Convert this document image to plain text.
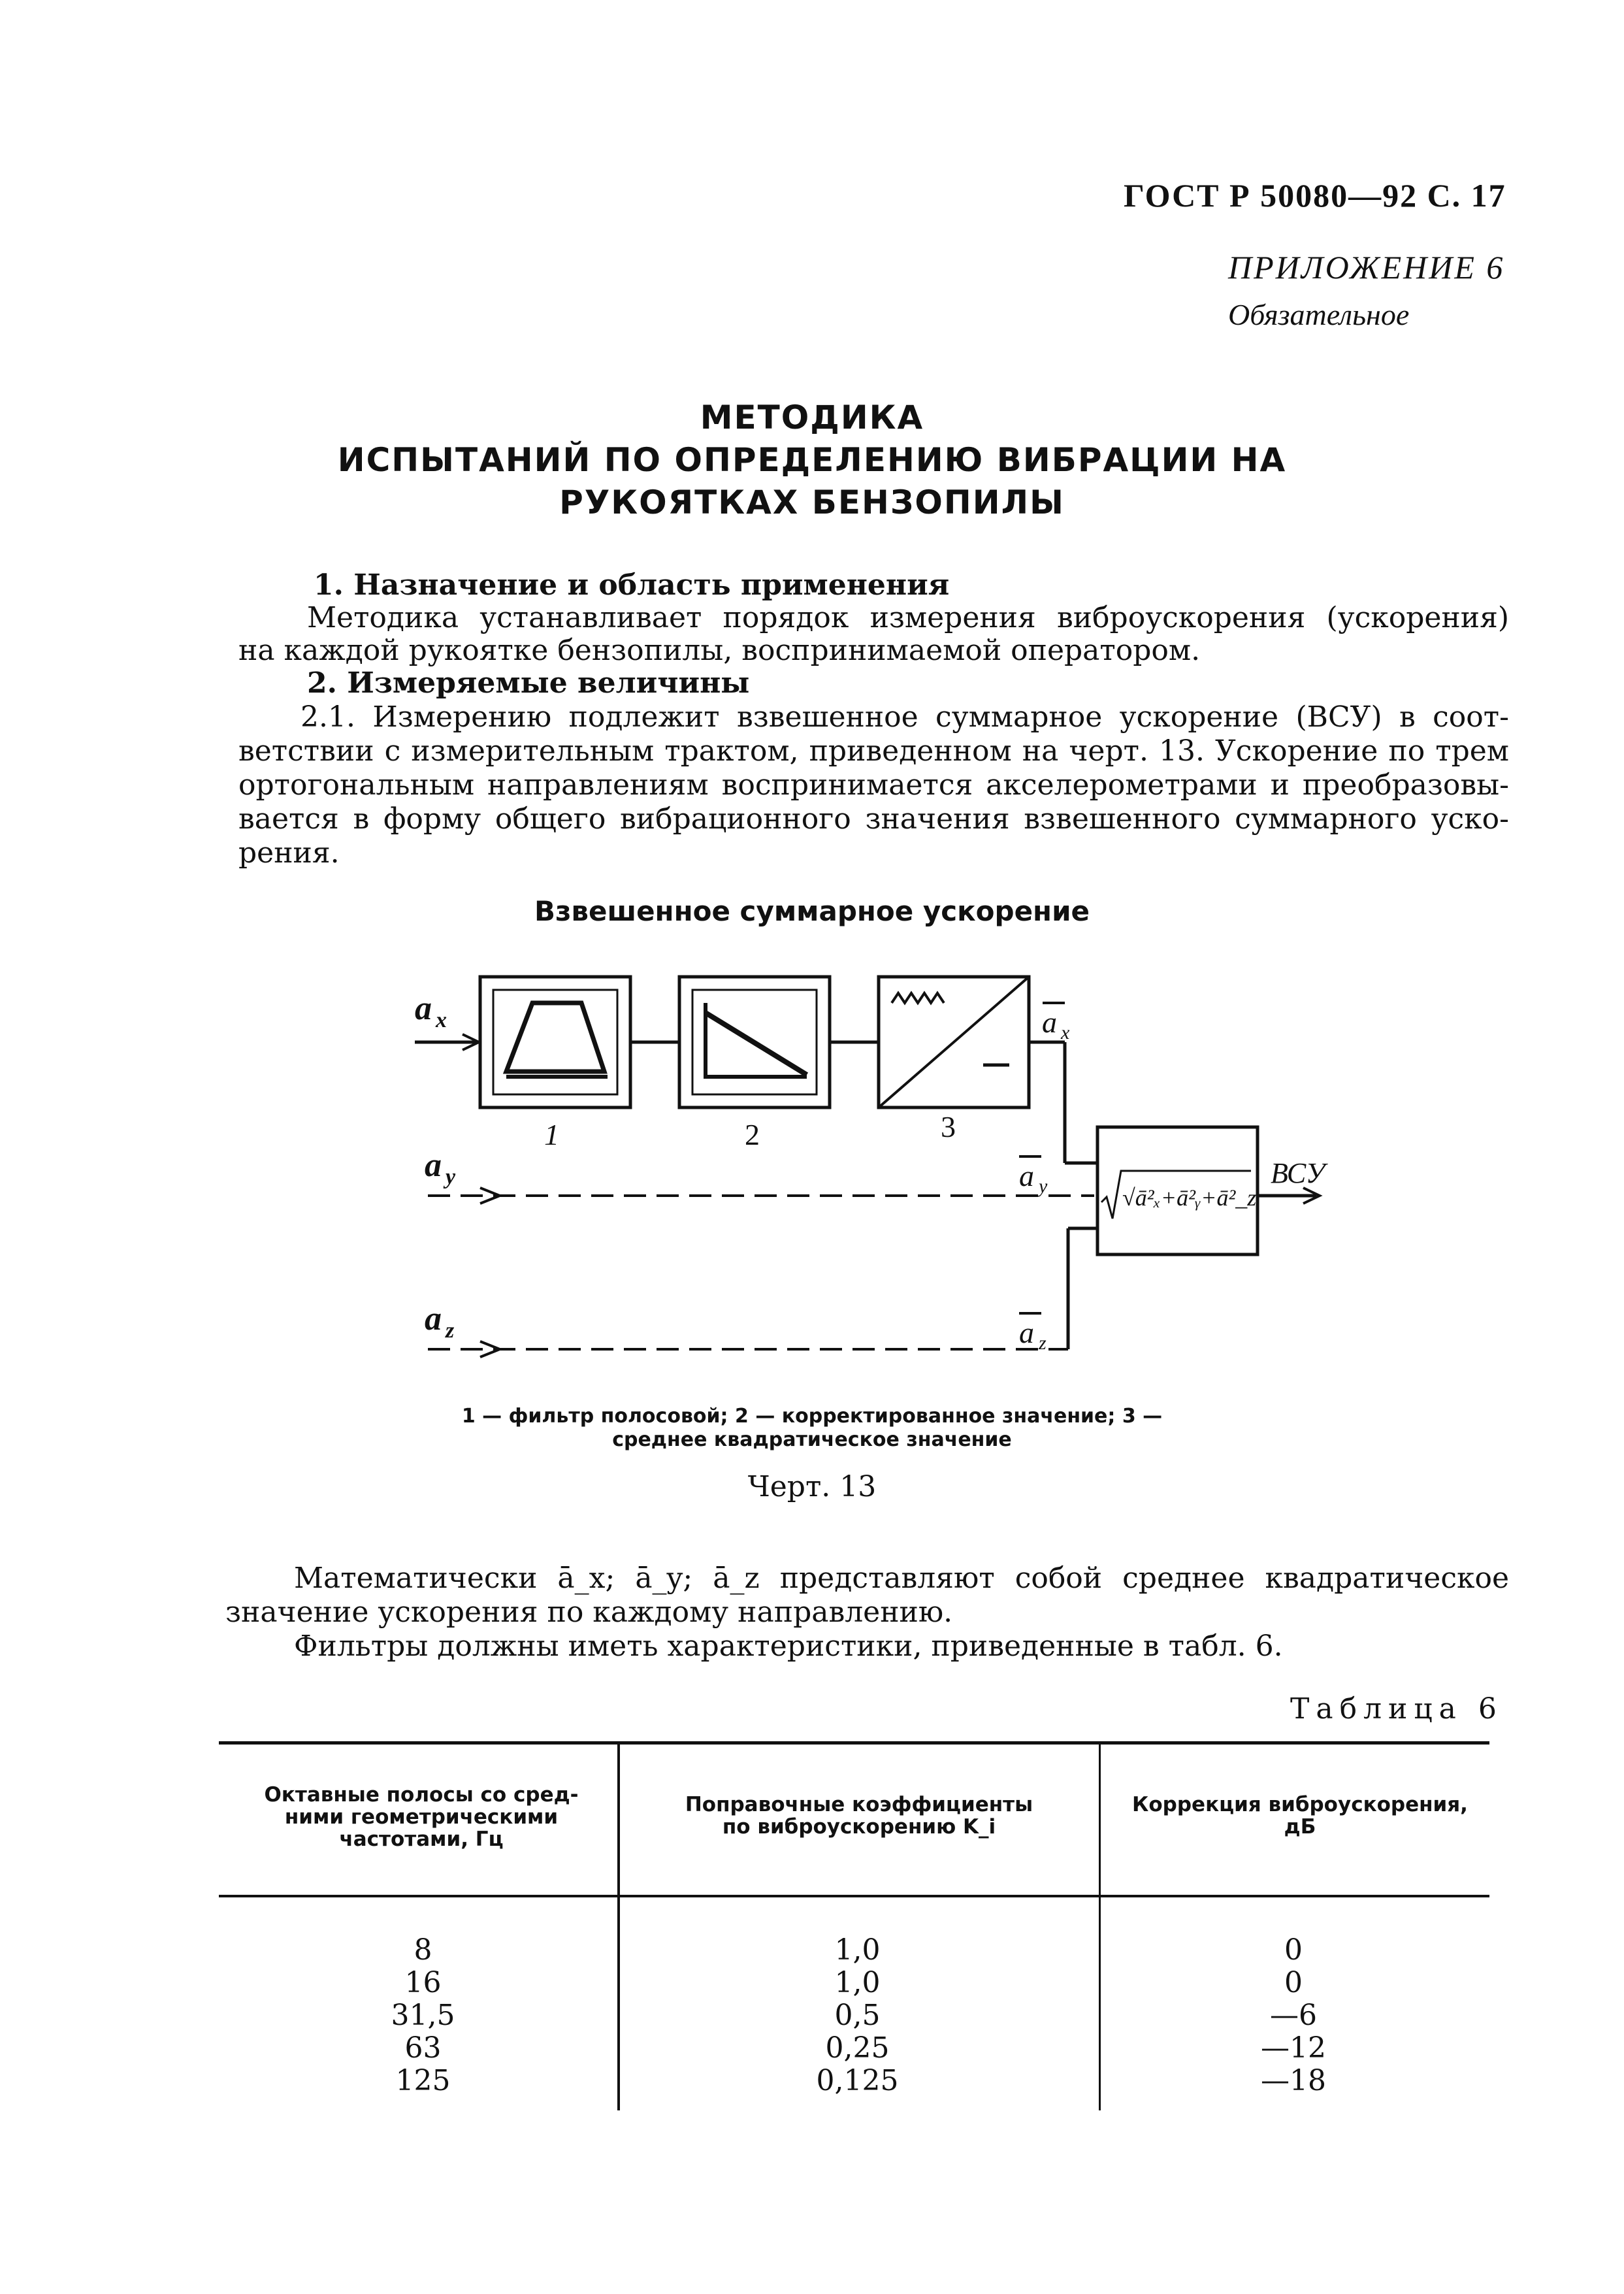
ГОСТ Р 50080—92 С. 17
ПРИЛОЖЕНИЕ 6
Обязательное
МЕТОДИКА
ИСПЫТАНИЙ ПО ОПРЕДЕЛЕНИЮ ВИБРАЦИИ НА
РУКОЯТКАХ БЕНЗОПИЛЫ
1. Назначение и область применения
Методика устанавливает порядок измерения виброускорения (ускорения)
на каждой рукоятке бензопилы, воспринимаемой оператором.
2. Измеряемые величины
2.1. Измерению подлежит взвешенное суммарное ускорение (ВСУ) в соот-
ветствии с измерительным трактом, приведенном на черт. 13. Ускорение по трем
ортогональным направлениям воспринимается акселерометрами и преобразовы-
вается в форму общего вибрационного значения взвешенного суммарного уско-
рения.
Взвешенное суммарное ускорение
a x
a y
a z
a x
a y
a z
1	2	3
√ā²ₓ+ā²ᵧ+ā²_z
ВСУ
1 — фильтр полосовой; 2 — корректированное значение; 3 —
среднее квадратическое значение
Черт. 13
Математически ā_x; ā_y; ā_z представляют собой среднее квадратическое
значение ускорения по каждому направлению.
Фильтры должны иметь характеристики, приведенные в табл. 6.
Таблица 6
Октавные полосы со сред-
ними геометрическими
частотами, Гц
Поправочные коэффициенты
по виброускорению K_i
Коррекция виброускорения,
дБ
8	1,0	0
16	1,0	0
31,5	0,5	—6
63	0,25	—12
125	0,125	—18
